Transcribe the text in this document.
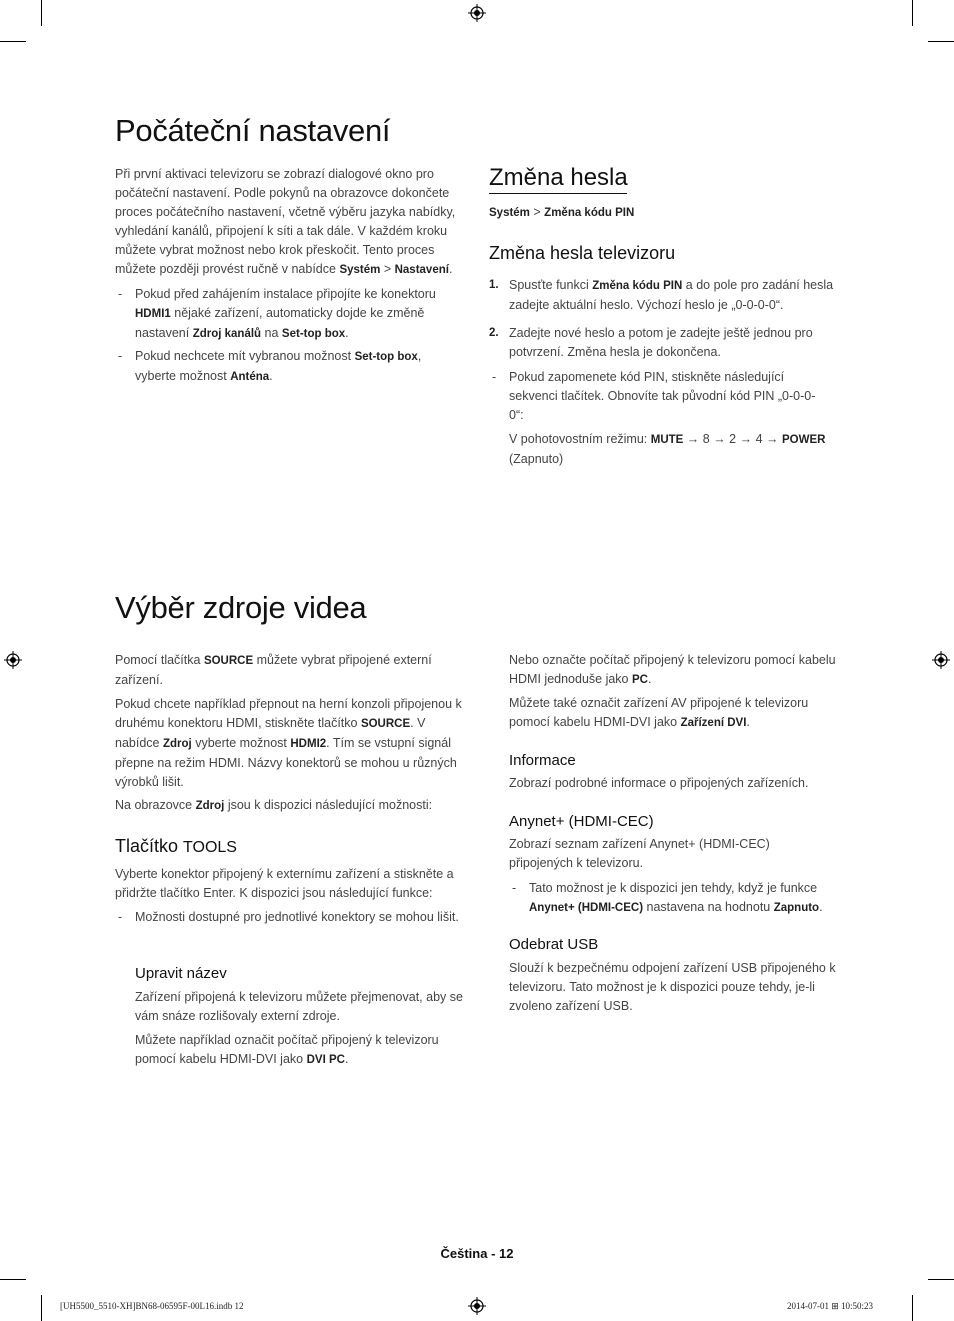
Počáteční nastavení
Při první aktivaci televizoru se zobrazí dialogové okno pro počáteční nastavení. Podle pokynů na obrazovce dokončete proces počátečního nastavení, včetně výběru jazyka nabídky, vyhledání kanálů, připojení k síti a tak dále. V každém kroku můžete vybrat možnost nebo krok přeskočit. Tento proces můžete později provést ručně v nabídce Systém > Nastavení.
- Pokud před zahájením instalace připojíte ke konektoru HDMI1 nějaké zařízení, automaticky dojde ke změně nastavení Zdroj kanálů na Set-top box.
- Pokud nechcete mít vybranou možnost Set-top box, vyberte možnost Anténa.
Změna hesla
Systém > Změna kódu PIN
Změna hesla televizoru
1. Spusťte funkci Změna kódu PIN a do pole pro zadání hesla zadejte aktuální heslo. Výchozí heslo je „0-0-0-0“.
2. Zadejte nové heslo a potom je zadejte ještě jednou pro potvrzení. Změna hesla je dokončena.
- Pokud zapomenete kód PIN, stiskněte následující sekvenci tlačítek. Obnovíte tak původní kód PIN „0-0-0-0“:
V pohotovostním režimu: MUTE → 8 → 2 → 4 → POWER (Zapnuto)
Výběr zdroje videa
Pomocí tlačítka SOURCE můžete vybrat připojené externí zařízení.
Pokud chcete například přepnout na herní konzoli připojenou k druhému konektoru HDMI, stiskněte tlačítko SOURCE. V nabídce Zdroj vyberte možnost HDMI2. Tím se vstupní signál přepne na režim HDMI. Názvy konektorů se mohou u různých výrobků lišit.
Na obrazovce Zdroj jsou k dispozici následující možnosti:
Tlačítko TOOLS
Vyberte konektor připojený k externímu zařízení a stiskněte a přidržte tlačítko Enter. K dispozici jsou následující funkce:
- Možnosti dostupné pro jednotlivé konektory se mohou lišit.
Upravit název
Zařízení připojená k televizoru můžete přejmenovat, aby se vám snáze rozlišovaly externí zdroje.
Můžete například označit počítač připojený k televizoru pomocí kabelu HDMI-DVI jako DVI PC.
Nebo označte počítač připojený k televizoru pomocí kabelu HDMI jednoduše jako PC.
Můžete také označit zařízení AV připojené k televizoru pomocí kabelu HDMI-DVI jako Zařízení DVI.
Informace
Zobrazí podrobné informace o připojených zařízeních.
Anynet+ (HDMI-CEC)
Zobrazí seznam zařízení Anynet+ (HDMI-CEC) připojených k televizoru.
- Tato možnost je k dispozici jen tehdy, když je funkce Anynet+ (HDMI-CEC) nastavena na hodnotu Zapnuto.
Odebrat USB
Slouží k bezpečnému odpojení zařízení USB připojeného k televizoru. Tato možnost je k dispozici pouze tehdy, je-li zvoleno zařízení USB.
Čeština - 12
[UH5500_5510-XH]BN68-06595F-00L16.indb 12	2014-07-01 ⊞ 10:50:23
